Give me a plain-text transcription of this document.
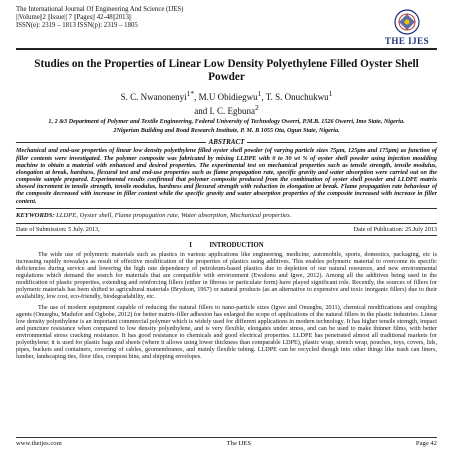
The International Journal Of Engineering And Science (IJES)
||Volume||2 ||Issue|| 7 ||Pages|| 42-48||2013||
ISSN(e): 2319 – 1813 ISSN(p): 2319 – 1805
THE IJES
Studies on the Properties of Linear Low Density Polyethylene Filled Oyster Shell Powder
S. C. Nwanonenyi$^{1*}$, M.U Obidiegwu$^1$, T. S. Onuchukwu$^1$
and I. C. Egbuna$^2$
1, 2 &3 Department of Polymer and Textile Engineering, Federal University of Technology Owerri, P.M.B. 1526 Owerri, Imo State, Nigeria.
2Nigerian Building and Road Research Institute, P. M. B 1055 Ota, Ogun State, Nigeria.
ABSTRACT
Mechanical and end-use properties of linear low density polyethylene filled oyster shell powder (of varying particle sizes 75μm, 125μm and 175μm) as function of filler contents were investigated. The polymer composite was fabricated by mixing LLDPE with 0 to 30 wt % of oyster shell powder using injection moulding machine to obtain a material with enhanced and desired properties. The experimental test on mechanical properties such as tensile strength, tensile modulus, elongation at break, hardness, flexural test and end-use properties such as flame propagation rate, specific gravity and water absorption were carried out on the composite sample prepared. Experimental results confirmed that polymer composite produced from the combination of oyster shell powder and LLDPE matrix showed increment in tensile strength, tensile modulus, hardness and flexural strength with reduction in elongation at break. Flame propagation rate behaviour of the composite decreased with increase in filler content while the specific gravity and water absorption properties of the composite increased with increase in filler content.
KEYWORDS: LLDPE, Oyster shell, Flame propagation rate, Water absorption, Mechanical properties.
Date of Submission: 5 July. 2013,	Date of Publication: 25.July 2013
I	INTRODUCTION

The wide use of polymeric materials such as plastics in various applications like engineering, medicine, automobile, sports, domestics, packaging, etc is increasing rapidly nowadays as result of effective modification of the properties of plastics using additives. This enables polymeric material to overcome its specific deficiencies during service and lowering the high rate dependency of petroleum-based plastics due to depletion of our natural resources, and new environmental regulations which demand the search for materials that are compatible with environment (Ewulonu and Igwe, 2012). Among all the additives being used in the modification of plastic properties, extending and reinforcing fillers (either in fibrous or particulate form) have played significant role. Recently, the sources of fillers for polymeric materials has been shifted to agricultural materials (Brydson, 1967) or natural products (as an alternative to expensive and toxic inorganic fillers) due to their availability, low cost, eco-friendly, biodegradability, etc.

The use of modern equipment capable of reducing the natural fillers to nano-particle sizes (Igwe and Onuegbu, 2011), chemical modifications and coupling agents (Onuegbu, Madufor and Ogbobe, 2012) for better matrix-filler adhesion has enlarged the scope of applications of the natural fillers in the plastic industries. Linear low density polyethylene is an important commercial polymer which is widely used for different applications in modern technology. It has higher tensile strength, impact and puncture resistance when compared to low density polyethylene, and is very flexible, elongates under stress, and can be used to make thinner films, with better environmental stress cracking resistance. It has good resistance to chemicals and good electrical properties. LLDPE has penetrated almost all traditional markets for polyethylene; it is used for plastic bags and sheets (where it allows using lower thickness than comparable LDPE), plastic wrap, stretch wrap, pouches, toys, covers, lids, pipes, buckets and containers, covering of cables, geomembranes, and mainly flexible tubing. LLDPE can be recycled though into other things like trash can liners, lumber, landscaping ties, floor tiles, compost bins, and shipping envelopes.

www.theijes.com	The IJES	Page 42
